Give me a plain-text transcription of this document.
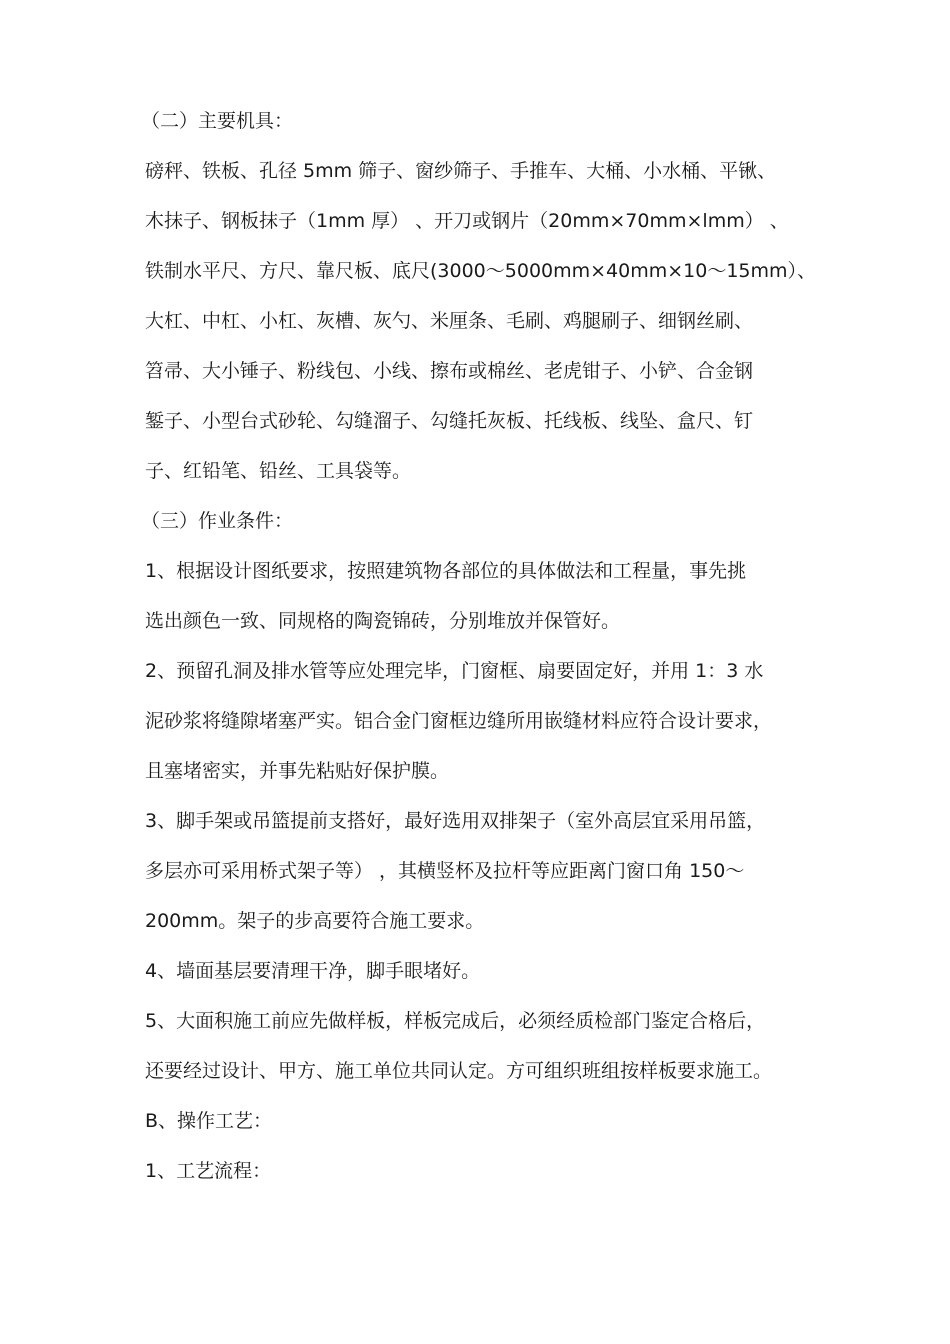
（二）主要机具：

磅秤、铁板、孔径 5mm 筛子、窗纱筛子、手推车、大桶、小水桶、平锹、

木抹子、钢板抹子（1mm 厚） 、开刀或钢片（20mm×70mm×lmm） 、

铁制水平尺、方尺、靠尺板、底尺(3000～5000mm×40mm×10～15mm）、

大杠、中杠、小杠、灰槽、灰勺、米厘条、毛刷、鸡腿刷子、细钢丝刷、

笤帚、大小锤子、粉线包、小线、擦布或棉丝、老虎钳子、小铲、合金钢

錾子、小型台式砂轮、勾缝溜子、勾缝托灰板、托线板、线坠、盒尺、钉

子、红铅笔、铅丝、工具袋等。

（三）作业条件：

1、根据设计图纸要求，按照建筑物各部位的具体做法和工程量，事先挑

选出颜色一致、同规格的陶瓷锦砖，分别堆放并保管好。

2、预留孔洞及排水管等应处理完毕，门窗框、扇要固定好，并用 1：3 水

泥砂浆将缝隙堵塞严实。铝合金门窗框边缝所用嵌缝材料应符合设计要求，

且塞堵密实，并事先粘贴好保护膜。

3、脚手架或吊篮提前支搭好，最好选用双排架子（室外高层宜采用吊篮，

多层亦可采用桥式架子等） ，其横竖杯及拉杆等应距离门窗口角 150～

200mm。架子的步高要符合施工要求。

4、墙面基层要清理干净，脚手眼堵好。

5、大面积施工前应先做样板，样板完成后，必须经质检部门鉴定合格后，

还要经过设计、甲方、施工单位共同认定。方可组织班组按样板要求施工。

B、操作工艺：

1、工艺流程：
